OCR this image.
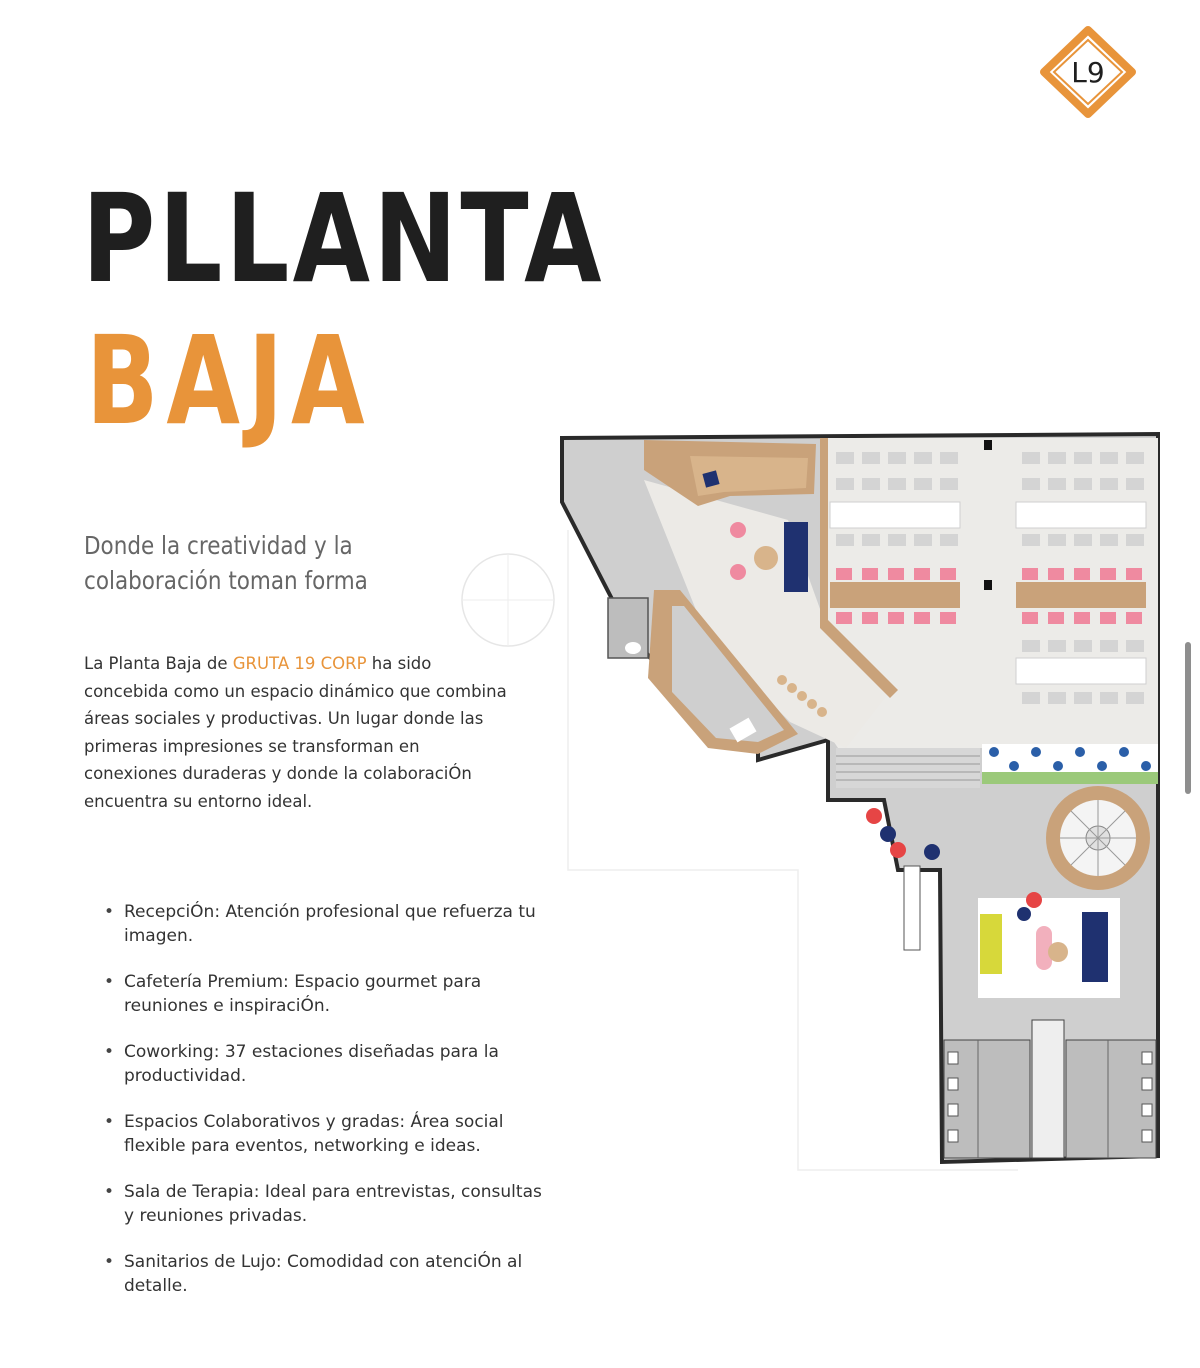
L9
PLLANTA
BAJA
Donde la creatividad y la colaboración toman forma

La Planta Baja de GRUTA 19 CORP ha sido concebida como un espacio dinámico que combina áreas sociales y productivas. Un lugar donde las primeras impresiones se transforman en conexiones duraderas y donde la colaboraciÓn encuentra su entorno ideal.

• RecepciÓn: Atención profesional que refuerza tu imagen.
• Cafetería Premium: Espacio gourmet para reuniones e inspiraciÓn.
• Coworking: 37 estaciones diseñadas para la productividad.
• Espacios Colaborativos y gradas: Área social flexible para eventos, networking e ideas.
• Sala de Terapia: Ideal para entrevistas, consultas y reuniones privadas.
• Sanitarios de Lujo: Comodidad con atenciÓn al detalle.
